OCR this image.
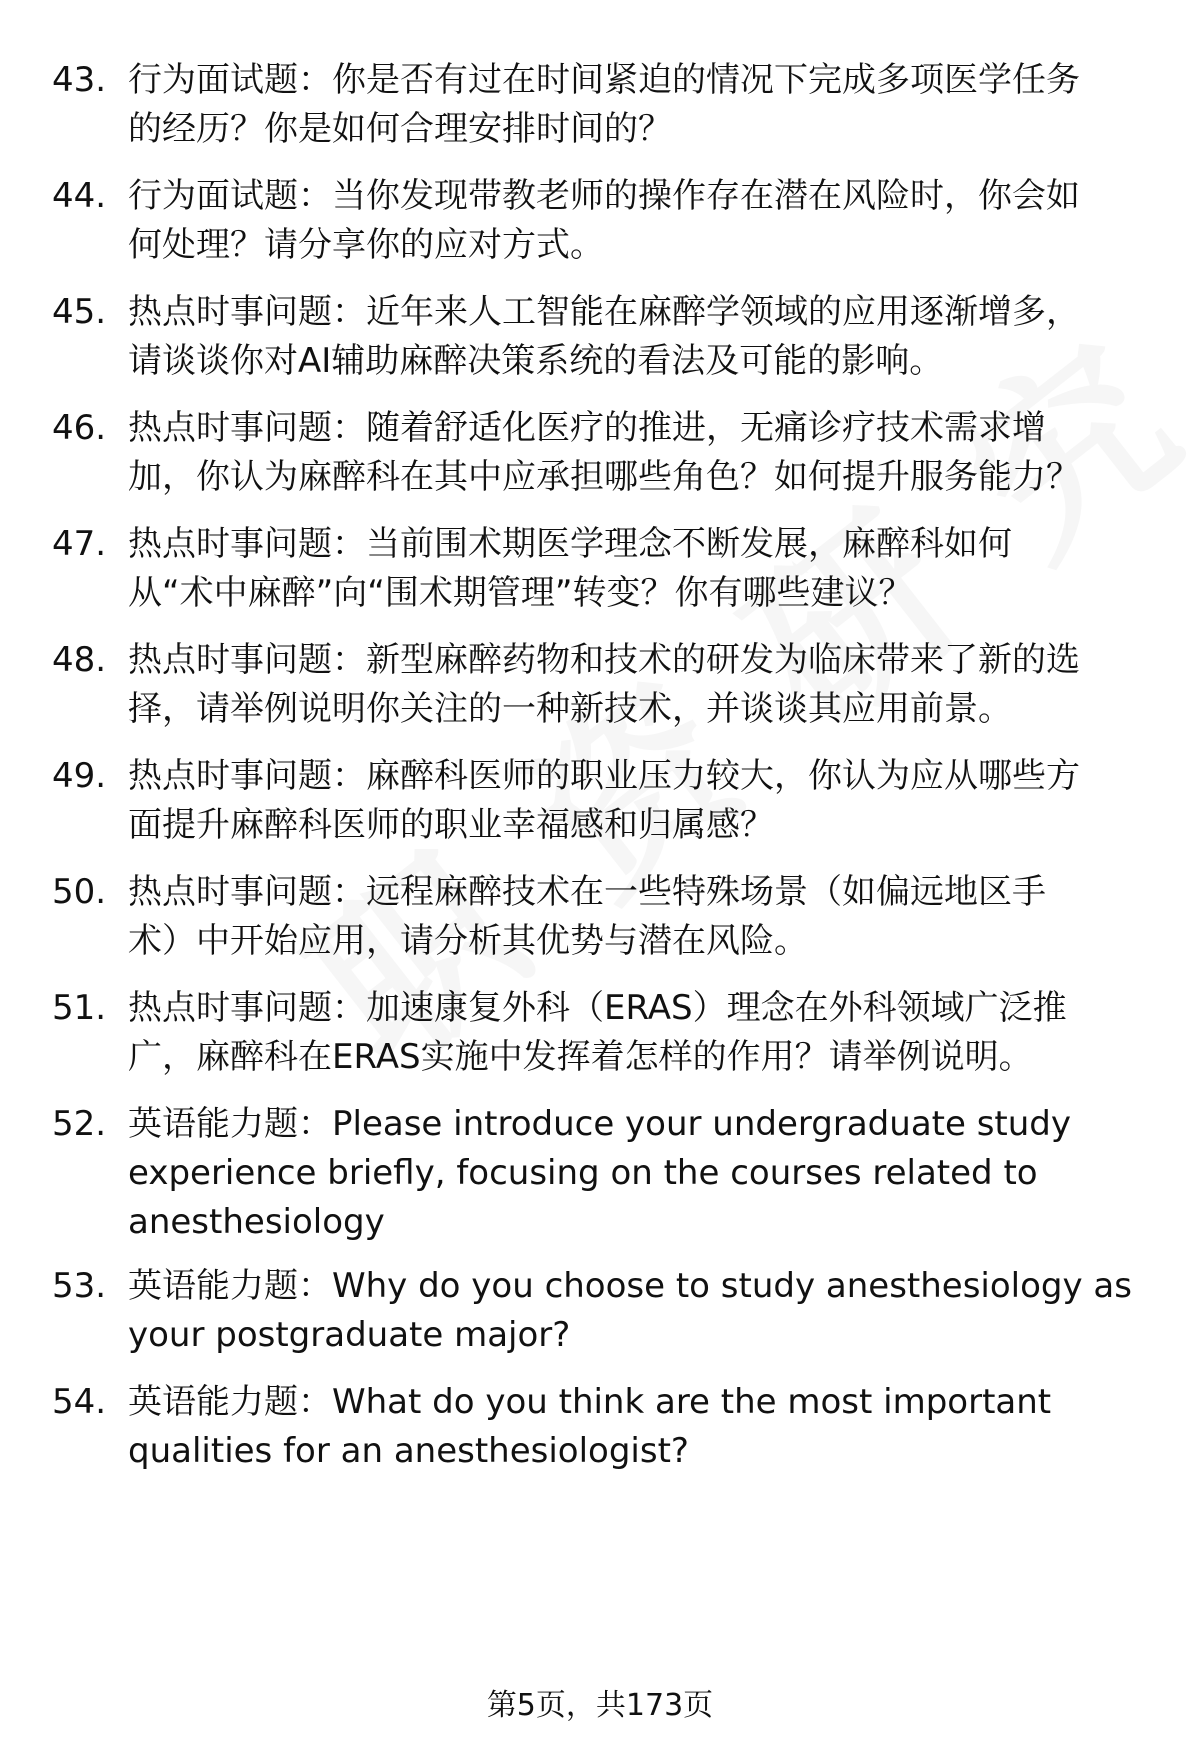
43. 行为面试题：你是否有过在时间紧迫的情况下完成多项医学任务
的经历？你是如何合理安排时间的？
44. 行为面试题：当你发现带教老师的操作存在潜在风险时，你会如
何处理？请分享你的应对方式。
45. 热点时事问题：近年来人工智能在麻醉学领域的应用逐渐增多，
请谈谈你对AI辅助麻醉决策系统的看法及可能的影响。
46. 热点时事问题：随着舒适化医疗的推进，无痛诊疗技术需求增
加，你认为麻醉科在其中应承担哪些角色？如何提升服务能力？
47. 热点时事问题：当前围术期医学理念不断发展，麻醉科如何
从“术中麻醉”向“围术期管理”转变？你有哪些建议？
48. 热点时事问题：新型麻醉药物和技术的研发为临床带来了新的选
择，请举例说明你关注的一种新技术，并谈谈其应用前景。
49. 热点时事问题：麻醉科医师的职业压力较大，你认为应从哪些方
面提升麻醉科医师的职业幸福感和归属感？
50. 热点时事问题：远程麻醉技术在一些特殊场景（如偏远地区手
术）中开始应用，请分析其优势与潜在风险。
51. 热点时事问题：加速康复外科（ERAS）理念在外科领域广泛推
广，麻醉科在ERAS实施中发挥着怎样的作用？请举例说明。
52. 英语能力题：Please introduce your undergraduate study
experience briefly, focusing on the courses related to
anesthesiology
53. 英语能力题：Why do you choose to study anesthesiology as
your postgraduate major?
54. 英语能力题：What do you think are the most important
qualities for an anesthesiologist?
第5页，共173页
